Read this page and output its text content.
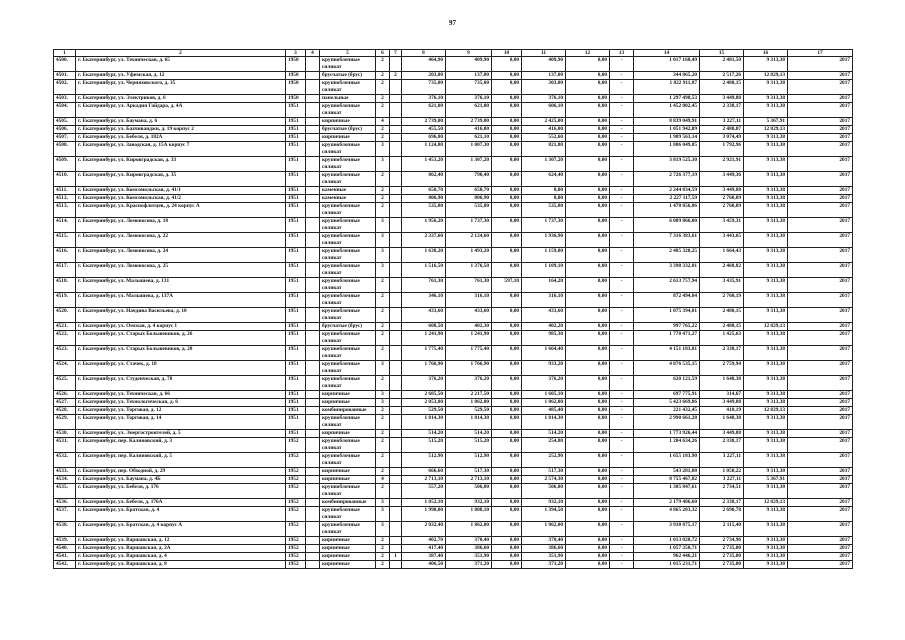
97
1	2	3	4	5	6	7	8	9	10	11	12	13	14	15	16	17
4500.	г. Екатеринбург, ул. Техническая, д. 65	1950		крупноблочные силикат	2		464,90	409,90	0,00	409,90	0,00	-	1 017 168,49	2 481,50	9 313,38	2017
4501.	г. Екатеринбург, ул. Уфимская, д. 12	1950		брусчатые (брус)	2	2	203,80	137,00	0,00	137,00	0,00	-	344 865,20	2 517,26	12 829,13	2017
4502.	г. Екатеринбург, ул. Черняховского, д. 35	1950		крупноблочные силикат	2		735,00	735,00	0,00	303,00	0,00	-	1 822 911,87	2 480,15	9 313,38	2017
4503.	г. Екатеринбург, ул. Электриков, д. 6	1950		панельные	2		376,10	376,10	0,00	376,10	0,00	-	1 297 498,53	3 449,88	9 313,38	2017
4504.	г. Екатеринбург, ул. Аркадия Гайдара, д. 4А	1951		крупноблочные силикат	2		621,00	621,00	0,00	606,10	0,00	-	1 452 002,45	2 338,17	9 313,38	2017
4505.	г. Екатеринбург, ул. Баумана, д. 6	1951		кирпичные	4		2 739,00	2 739,00	0,00	2 425,00	0,00	-	8 839 049,91	3 227,11	5 367,91	2017
4506.	г. Екатеринбург, ул. Бахчиванджи, д. 19 корпус 2	1951		брусчатые (брус)	2		455,50	416,00	0,00	416,00	0,00	-	1 051 942,09	2 480,07	12 829,13	2017
4507.	г. Екатеринбург, ул. Бебеля, д. 182А	1951		кирпичные	2		696,80	621,10	0,00	552,60	0,00	-	1 909 563,14	3 074,49	9 313,38	2017
4508.	г. Екатеринбург, ул. Заводская, д. 15А корпус 7	1951		крупноблочные силикат	3		1 124,80	1 007,30	0,00	821,80	0,00	-	1 806 049,85	1 792,96	9 313,38	2017
4509.	г. Екатеринбург, ул. Кировградская, д. 33	1951		крупноблочные силикат	3		1 453,20	1 307,20	0,00	1 307,20	0,00	-	3 819 525,30	2 921,91	9 313,38	2017
4510.	г. Екатеринбург, ул. Кировградская, д. 35	1951		крупноблочные силикат	2		862,40	790,40	0,00	624,40	0,00	-	2 726 377,19	3 449,36	9 313,38	2017
4511.	г. Екатеринбург, ул. Комсомольская, д. 41/1	1951		каменные	2		650,70	650,70	0,00	0,00	0,00	-	2 244 834,59	3 449,88	9 313,38	2017
4512.	г. Екатеринбург, ул. Комсомольская, д. 41/2	1951		каменные	2		806,90	806,90	0,00	0,00	0,00	-	2 227 117,59	2 760,09	9 313,38	2017
4513.	г. Екатеринбург, ул. Краснофлотцев, д. 24 корпус А	1951		крупноблочные силикат	2		535,80	535,80	0,00	535,80	0,00	-	1 478 856,86	2 760,09	9 313,38	2017
4514.	г. Екатеринбург, ул. Ломоносова, д. 18	1951		крупноблочные силикат	3		1 956,20	1 737,30	0,00	1 737,30	0,00	-	6 009 866,00	3 459,31	9 313,38	2017
4515.	г. Екатеринбург, ул. Ломоносова, д. 22	1951		крупноблочные силикат	3		2 337,60	2 124,60	0,00	1 936,90	0,00	-	7 316 383,61	3 443,65	9 313,38	2017
4516.	г. Екатеринбург, ул. Ломоносова, д. 24	1951		крупноблочные силикат	3		1 638,20	1 493,20	0,00	1 159,80	0,00	-	2 485 320,25	1 664,43	9 313,38	2017
4517.	г. Екатеринбург, ул. Ломоносова, д. 25	1951		крупноблочные силикат	3		1 516,50	1 376,50	0,00	1 109,10	0,00	-	3 398 332,01	2 468,82	9 313,38	2017
4518.	г. Екатеринбург, ул. Малышева, д. 131	1951		крупноблочные силикат	2		761,30	761,30	597,10	164,20	0,00	-	2 613 757,94	3 435,91	9 313,38	2017
4519.	г. Екатеринбург, ул. Малышева, д. 137А	1951		крупноблочные силикат	2		346,10	316,10	0,00	316,10	0,00	-	872 494,84	2 760,19	9 313,38	2017
4520.	г. Екатеринбург, ул. Начдива Васильева, д. 10	1951		крупноблочные силикат	2		433,60	433,60	0,00	433,60	0,00	-	1 075 394,01	2 480,15	9 313,38	2017
4521.	г. Екатеринбург, ул. Омская, д. 4 корпус 1	1951		брусчатые (брус)	2		608,50	402,30	0,00	402,20	0,00	-	997 765,22	2 480,15	12 829,13	2017
4522.	г. Екатеринбург, ул. Старых Большевиков, д. 26	1951		крупноблочные силикат	2		1 241,90	1 241,90	0,00	985,30	0,00	-	1 770 471,27	1 425,63	9 313,38	2017
4523.	г. Екатеринбург, ул. Старых Большевиков, д. 28	1951		крупноблочные силикат	2		1 775,40	1 775,40	0,00	1 664,40	0,00	-	4 151 183,81	2 338,17	9 313,38	2017
4524.	г. Екатеринбург, ул. Стачек, д. 18	1951		крупноблочные силикат	3		1 766,90	1 766,90	0,00	933,20	0,00	-	4 876 535,15	2 759,94	9 313,38	2017
4525.	г. Екатеринбург, ул. Студенческая, д. 78	1951		крупноблочные силикат	2		376,20	376,20	0,00	376,20	0,00	-	620 121,59	1 648,38	9 313,38	2017
4526.	г. Екатеринбург, ул. Техническая, д. 66	1951		кирпичные	3		2 685,50	2 217,50	0,00	1 605,10	0,00	-	697 775,91	314,67	9 313,38	2017
4527.	г. Екатеринбург, ул. Технологическая, д. 6	1951		кирпичные	3		2 053,00	1 862,00	0,00	1 862,00	0,00	-	5 423 669,86	3 449,88	9 313,38	2017
4528.	г. Екатеринбург, ул. Торговая, д. 12	1951		комбинированные	2		529,50	529,50	0,00	485,40	0,00	-	221 432,45	418,19	12 829,13	2017
4529.	г. Екатеринбург, ул. Торговая, д. 14	1951		крупноблочные силикат	2		1 814,30	1 814,30	0,00	1 814,30	0,00	-	2 990 661,28	1 648,38	9 313,38	2017
4530.	г. Екатеринбург, ул. Энергостроителей, д. 5	1951		кирпичные	2		514,20	514,20	0,00	514,20	0,00	-	1 773 926,44	3 449,88	9 313,38	2017
4531.	г. Екатеринбург, пер. Калиновский, д. 3	1952		крупноблочные силикат	2		515,20	515,20	0,00	254,80	0,00	-	1 204 634,26	2 338,17	9 313,38	2017
4532.	г. Екатеринбург, пер. Калиновский, д. 5	1952		крупноблочные силикат	2		512,90	512,90	0,00	252,90	0,00	-	1 655 183,90	3 227,11	9 313,38	2017
4533.	г. Екатеринбург, пер. Обходной, д. 29	1952		кирпичные	2		666,60	517,30	0,00	517,30	0,00	-	543 281,08	1 050,22	9 313,38	2017
4534.	г. Екатеринбург, ул. Баумана, д. 4Б	1952		кирпичные	4		2 713,10	2 713,10	0,00	2 574,30	0,00	-	8 755 467,82	3 227,11	5 367,91	2017
4535.	г. Екатеринбург, ул. Бебеля, д. 176	1952		крупноблочные силикат	2		557,20	506,80	0,00	506,80	0,00	-	1 385 847,61	2 734,51	9 313,38	2017
4536.	г. Екатеринбург, ул. Бебеля, д. 176А	1952		комбинированные	3		1 052,10	932,10	0,00	932,10	0,00	-	2 179 406,60	2 338,17	12 829,13	2017
4537.	г. Екатеринбург, ул. Братская, д. 4	1952		крупноблочные силикат	3		1 998,00	1 808,10	0,00	1 394,50	0,00	-	4 865 203,32	2 690,78	9 313,38	2017
4538.	г. Екатеринбург, ул. Братская, д. 4 корпус А	1952		крупноблочные силикат	3		2 032,40	1 862,00	0,00	1 862,00	0,00	-	3 938 875,17	2 115,40	9 313,38	2017
4539.	г. Екатеринбург, ул. Варшавская, д. 12	1952		кирпичные	2		402,70	370,40	0,00	370,40	0,00	-	1 013 028,72	2 734,96	9 313,38	2017
4540.	г. Екатеринбург, ул. Варшавская, д. 2А	1952		кирпичные	2		417,40	386,60	0,00	386,60	0,00	-	1 057 350,71	2 735,00	9 313,38	2017
4541.	г. Екатеринбург, ул. Варшавская, д. 4	1952		кирпичные	2	1	387,40	351,90	0,00	351,90	0,00	-	962 446,21	2 735,00	9 313,38	2017
4542.	г. Екатеринбург, ул. Варшавская, д. 8	1952		кирпичные	2		406,50	371,20	0,00	371,20	0,00	-	1 015 231,71	2 735,00	9 313,38	2017
